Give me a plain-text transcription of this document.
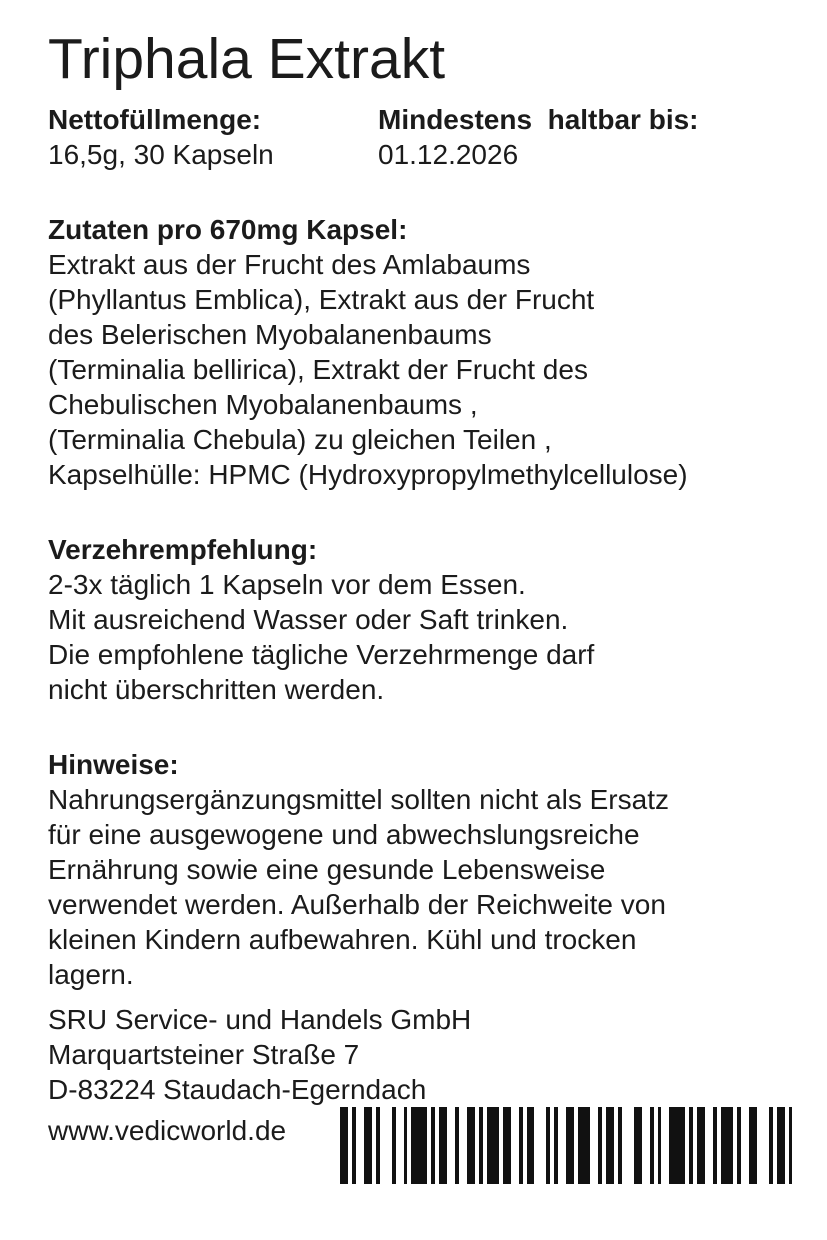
Triphala Extrakt
Nettofüllmenge:
16,5g, 30 Kapseln
Mindestens  haltbar bis:
01.12.2026
Zutaten pro 670mg Kapsel:
Extrakt aus der Frucht des Amlabaums
(Phyllantus Emblica), Extrakt aus der Frucht
des Belerischen Myobalanenbaums
(Terminalia bellirica), Extrakt der Frucht des
Chebulischen Myobalanenbaums ,
(Terminalia Chebula) zu gleichen Teilen ,
Kapselhülle: HPMC (Hydroxypropylmethylcellulose)
Verzehrempfehlung:
2-3x täglich 1 Kapseln vor dem Essen.
Mit ausreichend Wasser oder Saft trinken.
Die empfohlene tägliche Verzehrmenge darf
nicht überschritten werden.
Hinweise:
Nahrungsergänzungsmittel sollten nicht als Ersatz
für eine ausgewogene und abwechslungsreiche
Ernährung sowie eine gesunde Lebensweise
verwendet werden. Außerhalb der Reichweite von
kleinen Kindern aufbewahren. Kühl und trocken
lagern.
SRU Service- und Handels GmbH
Marquartsteiner Straße 7
D-83224 Staudach-Egerndach
www.vedicworld.de
